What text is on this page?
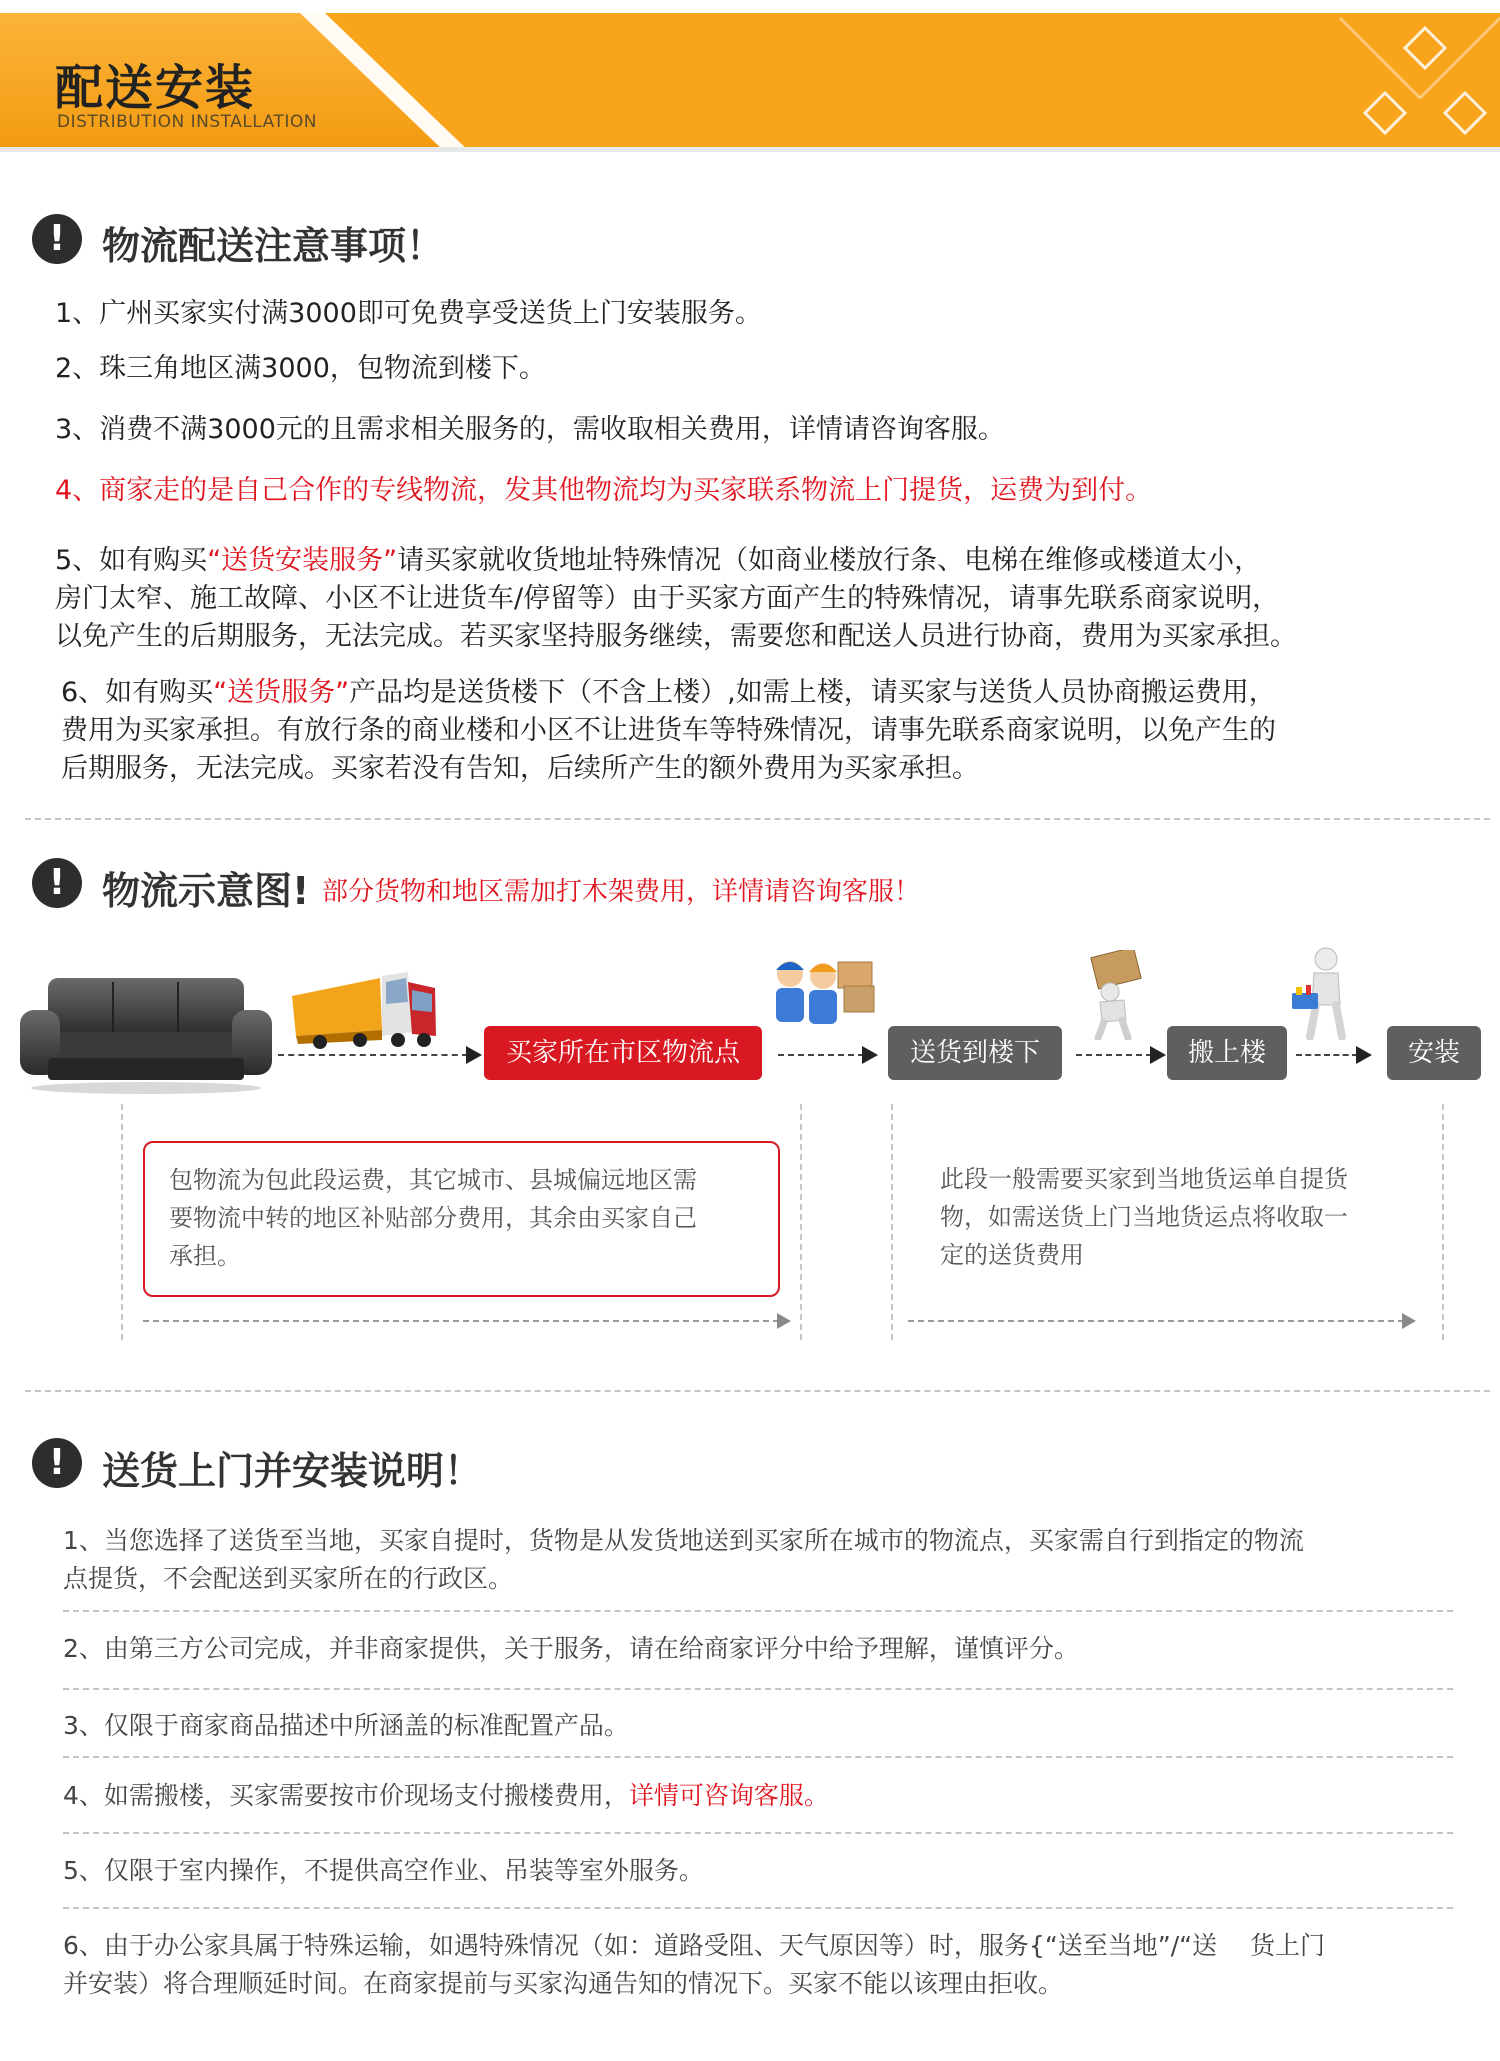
配送安装
DISTRIBUTION INSTALLATION
! 物流配送注意事项！
1、广州买家实付满3000即可免费享受送货上门安装服务。
2、珠三角地区满3000，包物流到楼下。
3、消费不满3000元的且需求相关服务的，需收取相关费用，详情请咨询客服。
4、商家走的是自己合作的专线物流，发其他物流均为买家联系物流上门提货，运费为到付。
5、如有购买“送货安装服务”请买家就收货地址特殊情况（如商业楼放行条、电梯在维修或楼道太小，
房门太窄、施工故障、小区不让进货车/停留等）由于买家方面产生的特殊情况，请事先联系商家说明，
以免产生的后期服务，无法完成。若买家坚持服务继续，需要您和配送人员进行协商，费用为买家承担。
6、如有购买“送货服务”产品均是送货楼下（不含上楼）,如需上楼，请买家与送货人员协商搬运费用，
费用为买家承担。有放行条的商业楼和小区不让进货车等特殊情况，请事先联系商家说明，以免产生的
后期服务，无法完成。买家若没有告知，后续所产生的额外费用为买家承担。
! 物流示意图! 部分货物和地区需加打木架费用，详情请咨询客服！
买家所在市区物流点	送货到楼下	搬上楼	安装
包物流为包此段运费，其它城市、县城偏远地区需
要物流中转的地区补贴部分费用，其余由买家自己
承担。
此段一般需要买家到当地货运单自提货
物，如需送货上门当地货运点将收取一
定的送货费用
! 送货上门并安装说明！
1、当您选择了送货至当地，买家自提时，货物是从发货地送到买家所在城市的物流点，买家需自行到指定的物流
点提货，不会配送到买家所在的行政区。
2、由第三方公司完成，并非商家提供，关于服务，请在给商家评分中给予理解，谨慎评分。
3、仅限于商家商品描述中所涵盖的标准配置产品。
4、如需搬楼，买家需要按市价现场支付搬楼费用，详情可咨询客服。
5、仅限于室内操作，不提供高空作业、吊装等室外服务。
6、由于办公家具属于特殊运输，如遇特殊情况（如：道路受阻、天气原因等）时，服务{“送至当地”/“送　 货上门
并安装）将合理顺延时间。在商家提前与买家沟通告知的情况下。买家不能以该理由拒收。
